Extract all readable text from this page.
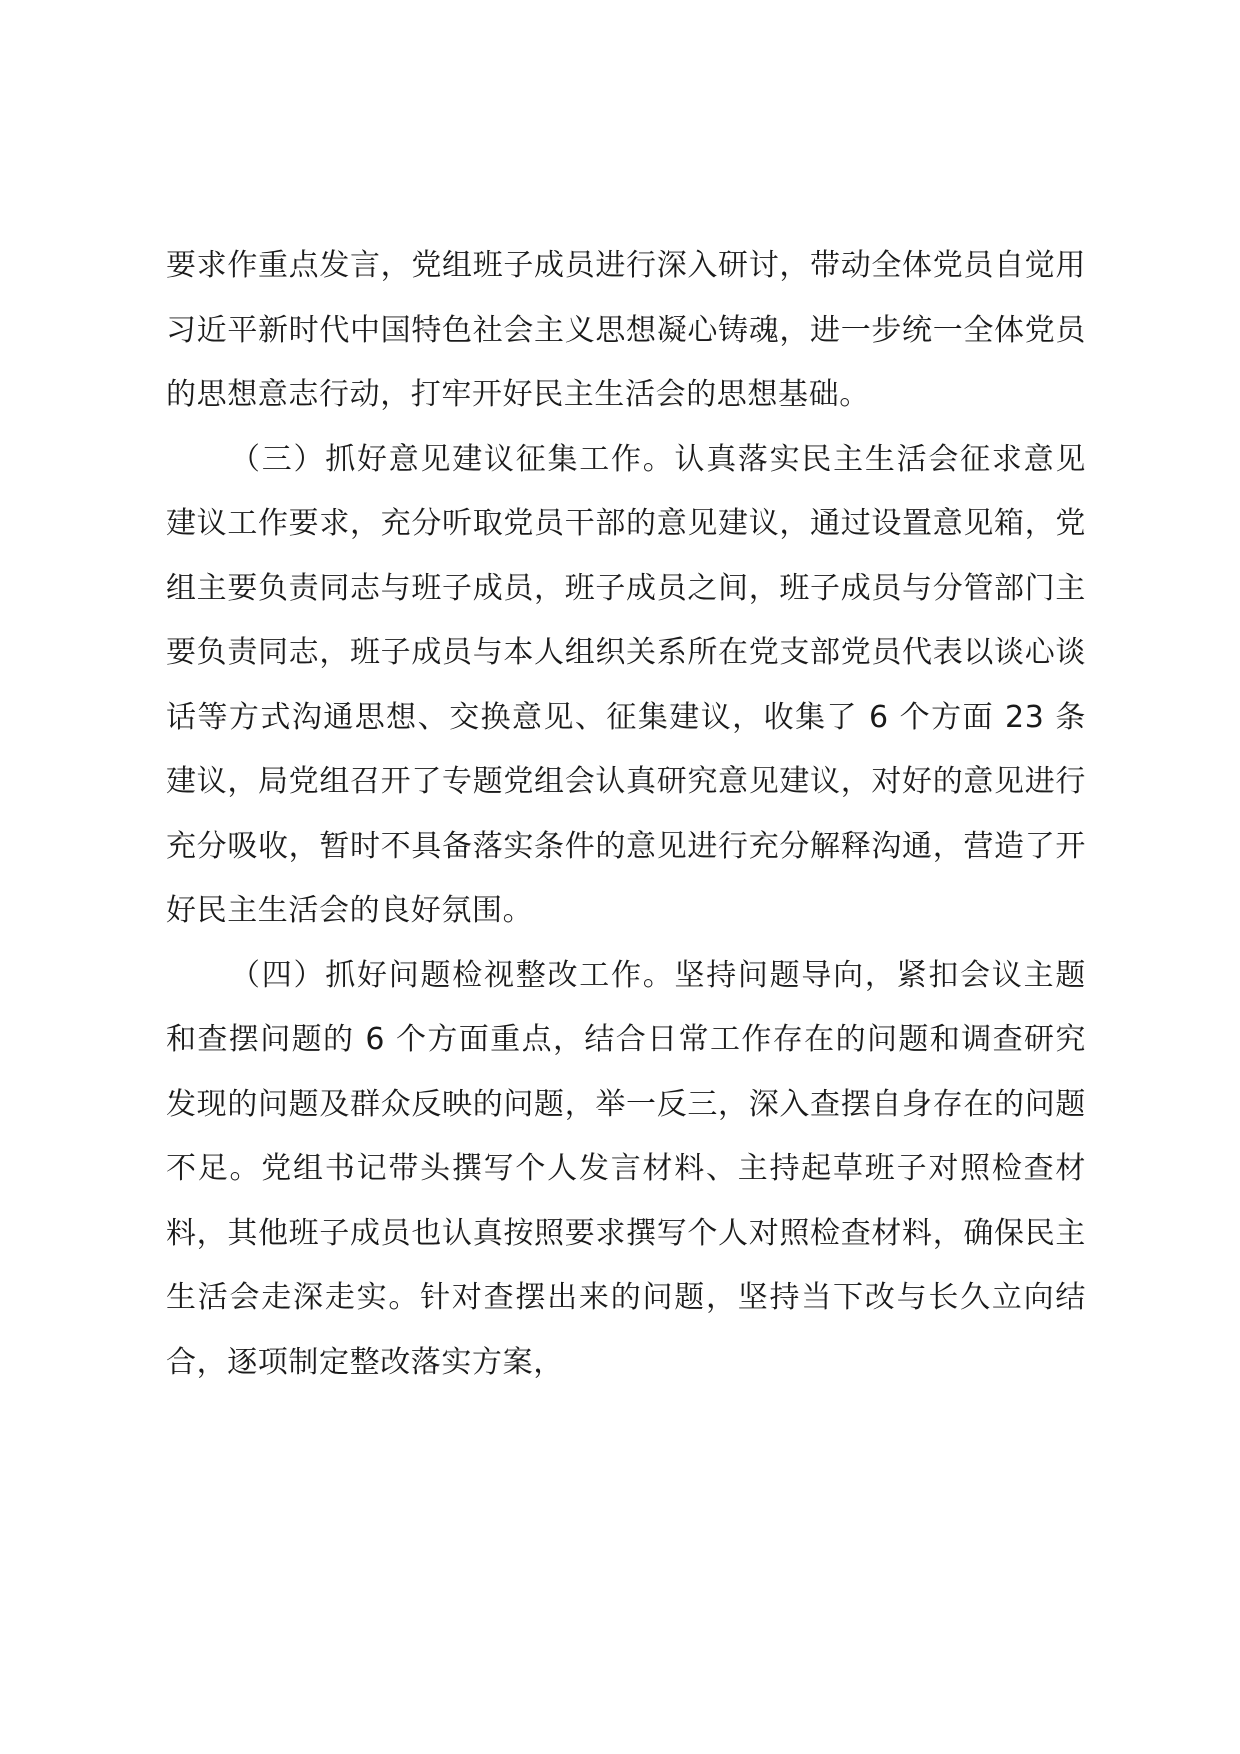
要求作重点发言，党组班子成员进行深入研讨，带动全体党员自觉用习近平新时代中国特色社会主义思想凝心铸魂，进一步统一全体党员的思想意志行动，打牢开好民主生活会的思想基础。

（三）抓好意见建议征集工作。认真落实民主生活会征求意见建议工作要求，充分听取党员干部的意见建议，通过设置意见箱，党组主要负责同志与班子成员，班子成员之间，班子成员与分管部门主要负责同志，班子成员与本人组织关系所在党支部党员代表以谈心谈话等方式沟通思想、交换意见、征集建议，收集了 6 个方面 23 条建议，局党组召开了专题党组会认真研究意见建议，对好的意见进行充分吸收，暂时不具备落实条件的意见进行充分解释沟通，营造了开好民主生活会的良好氛围。

（四）抓好问题检视整改工作。坚持问题导向，紧扣会议主题和查摆问题的 6 个方面重点，结合日常工作存在的问题和调查研究发现的问题及群众反映的问题，举一反三，深入查摆自身存在的问题不足。党组书记带头撰写个人发言材料、主持起草班子对照检查材料，其他班子成员也认真按照要求撰写个人对照检查材料，确保民主生活会走深走实。针对查摆出来的问题，坚持当下改与长久立向结合，逐项制定整改落实方案，
